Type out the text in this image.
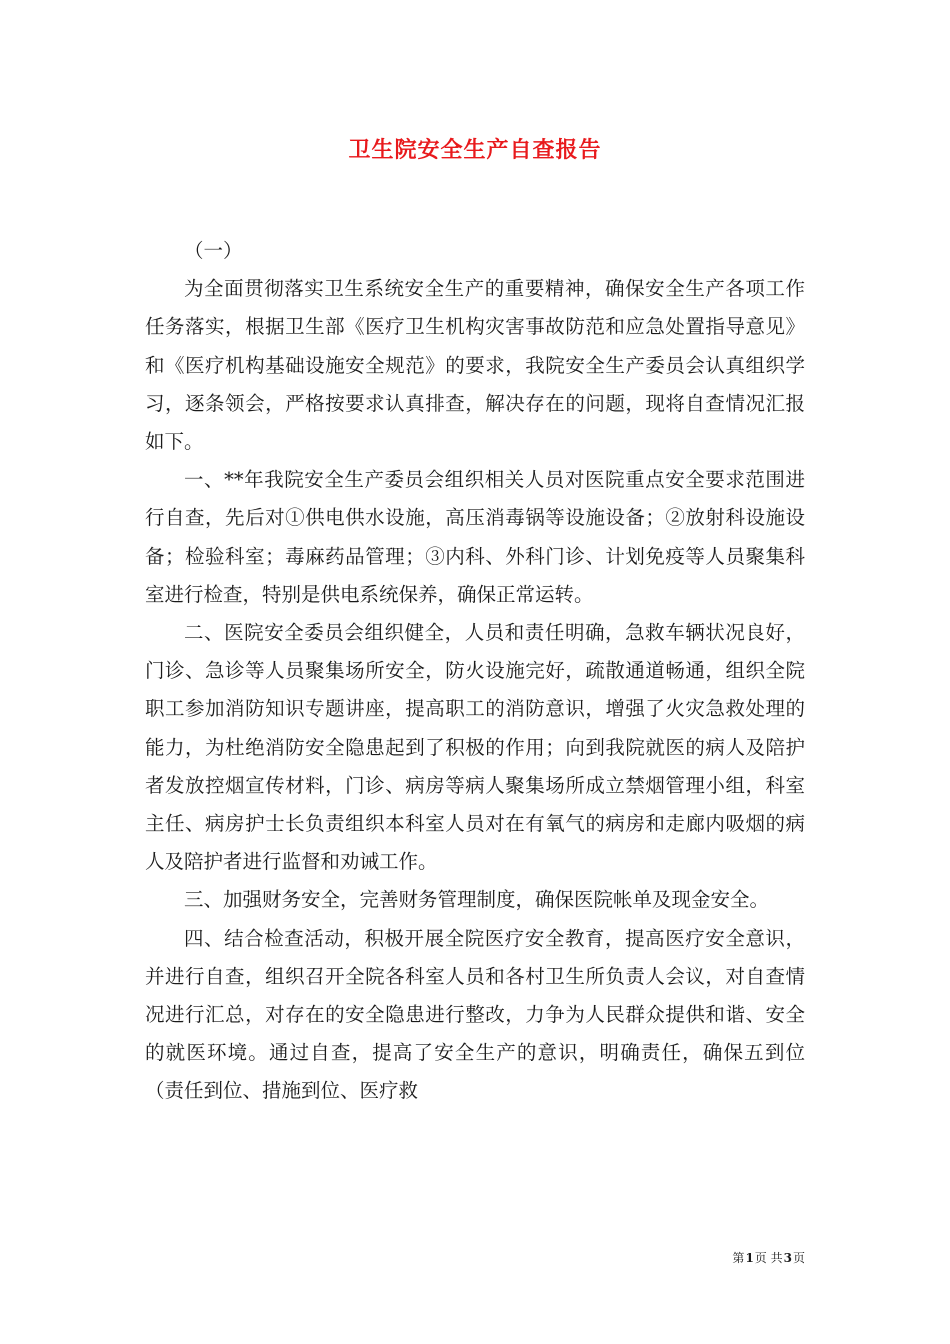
卫生院安全生产自查报告

（一）

为全面贯彻落实卫生系统安全生产的重要精神，确保安全生产各项工作任务落实，根据卫生部《医疗卫生机构灾害事故防范和应急处置指导意见》和《医疗机构基础设施安全规范》的要求，我院安全生产委员会认真组织学习，逐条领会，严格按要求认真排查，解决存在的问题，现将自查情况汇报如下。

一、**年我院安全生产委员会组织相关人员对医院重点安全要求范围进行自查，先后对①供电供水设施，高压消毒锅等设施设备；②放射科设施设备；检验科室；毒麻药品管理；③内科、外科门诊、计划免疫等人员聚集科室进行检查，特别是供电系统保养，确保正常运转。

二、医院安全委员会组织健全，人员和责任明确，急救车辆状况良好，门诊、急诊等人员聚集场所安全，防火设施完好，疏散通道畅通，组织全院职工参加消防知识专题讲座，提高职工的消防意识，增强了火灾急救处理的能力，为杜绝消防安全隐患起到了积极的作用；向到我院就医的病人及陪护者发放控烟宣传材料，门诊、病房等病人聚集场所成立禁烟管理小组，科室主任、病房护士长负责组织本科室人员对在有氧气的病房和走廊内吸烟的病人及陪护者进行监督和劝诫工作。

三、加强财务安全，完善财务管理制度，确保医院帐单及现金安全。

四、结合检查活动，积极开展全院医疗安全教育，提高医疗安全意识，并进行自查，组织召开全院各科室人员和各村卫生所负责人会议，对自查情况进行汇总，对存在的安全隐患进行整改，力争为人民群众提供和谐、安全的就医环境。通过自查，提高了安全生产的意识，明确责任，确保五到位（责任到位、措施到位、医疗救

第1页 共3页
